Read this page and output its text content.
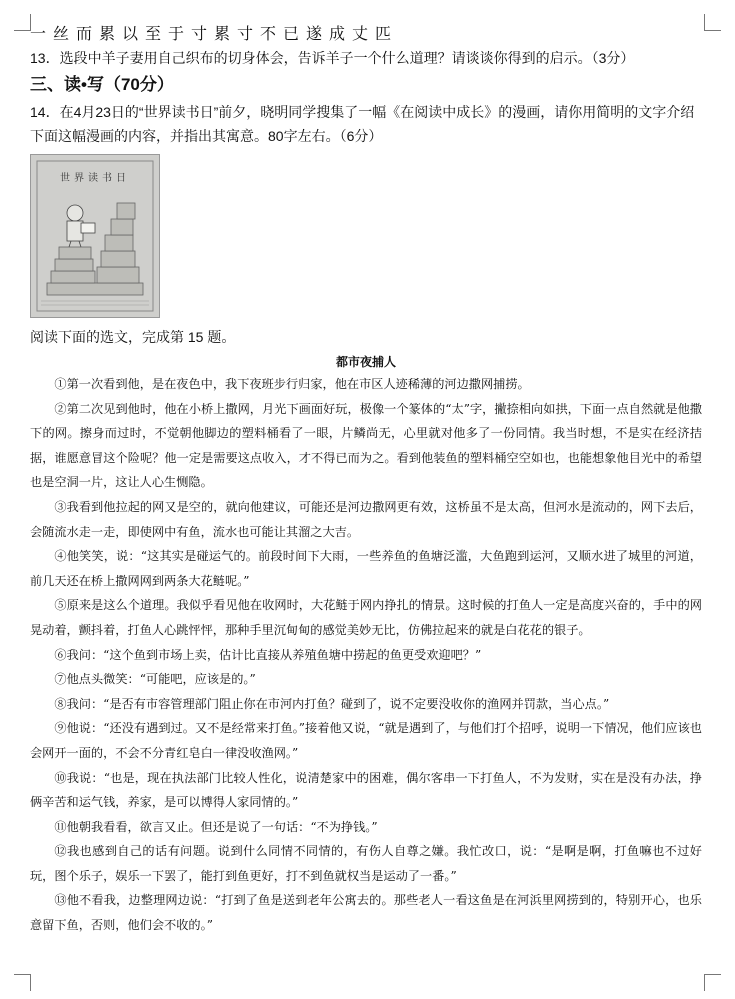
一丝而累以至于寸累寸不已遂成丈匹
13．选段中羊子妻用自己织布的切身体会，告诉羊子一个什么道理？请谈谈你得到的启示。（3分）
三、读•写（70分）
14．在4月23日的“世界读书日”前夕，晓明同学搜集了一幅《在阅读中成长》的漫画，请你用简明的文字介绍下面这幅漫画的内容，并指出其寓意。80字左右。（6分）
世界读书日
阅读下面的选文，完成第 15 题。
都市夜捕人

①第一次看到他，是在夜色中，我下夜班步行归家，他在市区人迹稀薄的河边撒网捕捞。

②第二次见到他时，他在小桥上撒网，月光下画面好玩，极像一个篆体的“太”字，撇捺相向如拱，下面一点自然就是他撒下的网。擦身而过时，不觉朝他脚边的塑料桶看了一眼，片鳞尚无，心里就对他多了一份同情。我当时想，不是实在经济拮据，谁愿意冒这个险呢？他一定是需要这点收入，才不得已而为之。看到他装鱼的塑料桶空空如也，也能想象他目光中的希望也是空洞一片，这让人心生恻隐。

③我看到他拉起的网又是空的，就向他建议，可能还是河边撒网更有效，这桥虽不是太高，但河水是流动的，网下去后，会随流水走一走，即使网中有鱼，流水也可能让其溜之大吉。

④他笑笑，说：“这其实是碰运气的。前段时间下大雨，一些养鱼的鱼塘泛滥，大鱼跑到运河，又顺水进了城里的河道，前几天还在桥上撒网网到两条大花鲢呢。”

⑤原来是这么个道理。我似乎看见他在收网时，大花鲢于网内挣扎的情景。这时候的打鱼人一定是高度兴奋的，手中的网晃动着，颤抖着，打鱼人心跳怦怦，那种手里沉甸甸的感觉美妙无比，仿佛拉起来的就是白花花的银子。

⑥我问：“这个鱼到市场上卖，估计比直接从养殖鱼塘中捞起的鱼更受欢迎吧？”

⑦他点头微笑：“可能吧，应该是的。”

⑧我问：“是否有市容管理部门阻止你在市河内打鱼？碰到了，说不定要没收你的渔网并罚款，当心点。”

⑨他说：“还没有遇到过。又不是经常来打鱼。”接着他又说，“就是遇到了，与他们打个招呼，说明一下情况，他们应该也会网开一面的，不会不分青红皂白一律没收渔网。”

⑩我说：“也是，现在执法部门比较人性化，说清楚家中的困难，偶尔客串一下打鱼人，不为发财，实在是没有办法，挣俩辛苦和运气钱，养家，是可以博得人家同情的。”

⑪他朝我看看，欲言又止。但还是说了一句话：“不为挣钱。”

⑫我也感到自己的话有问题。说到什么同情不同情的，有伤人自尊之嫌。我忙改口，说：“是啊是啊，打鱼嘛也不过好玩，图个乐子，娱乐一下罢了，能打到鱼更好，打不到鱼就权当是运动了一番。”

⑬他不看我，边整理网边说：“打到了鱼是送到老年公寓去的。那些老人一看这鱼是在河浜里网捞到的，特别开心，也乐意留下鱼，否则，他们会不收的。”
